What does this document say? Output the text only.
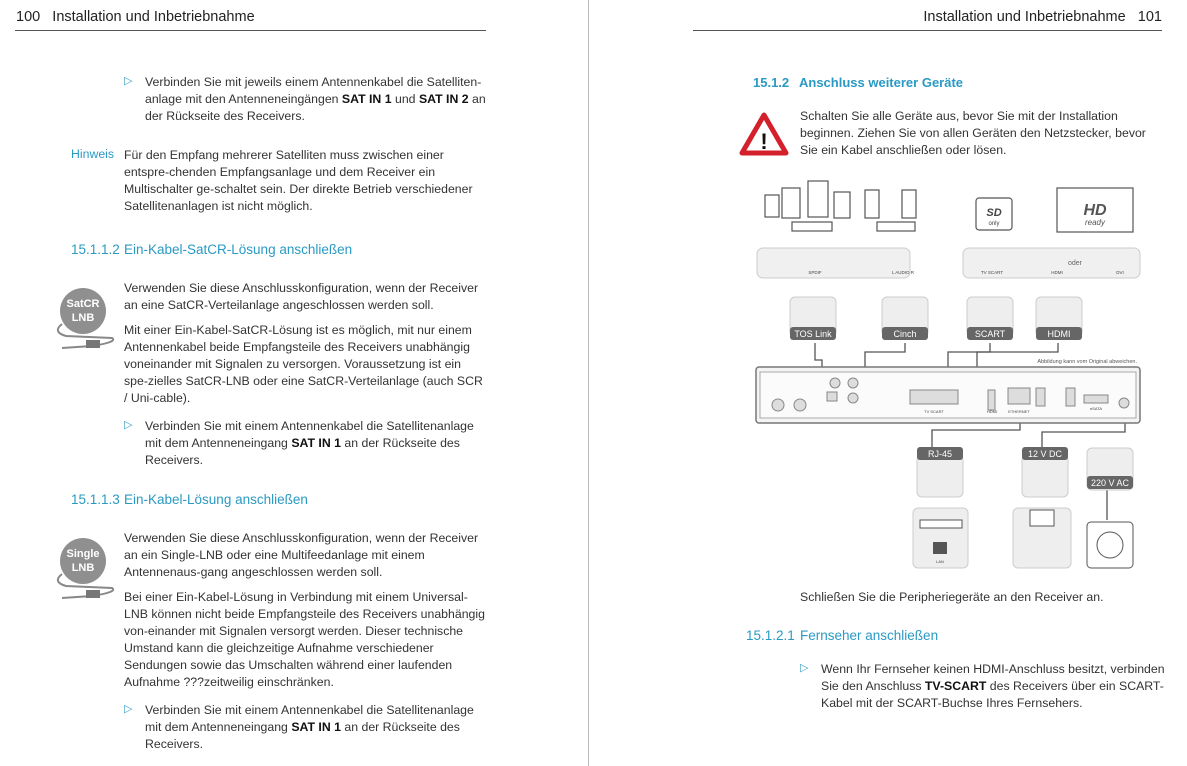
100 Installation und Inbetriebnahme
▷ Verbinden Sie mit jeweils einem Antennenkabel die Satelliten-anlage mit den Antenneneingängen SAT IN 1 und SAT IN 2 an der Rückseite des Receivers.
Hinweis Für den Empfang mehrerer Satelliten muss zwischen einer entspre-chenden Empfangsanlage und dem Receiver ein Multischalter ge-schaltet sein. Der direkte Betrieb verschiedener Satellitenanlagen ist nicht möglich.

15.1.1.2 Ein-Kabel-SatCR-Lösung anschließen
SatCR
LNB

Verwenden Sie diese Anschlusskonfiguration, wenn der Receiver an eine SatCR-Verteilanlage angeschlossen werden soll.

Mit einer Ein-Kabel-SatCR-Lösung ist es möglich, mit nur einem Antennenkabel beide Empfangsteile des Receivers unabhängig voneinander mit Signalen zu versorgen. Voraussetzung ist ein spe-zielles SatCR-LNB oder eine SatCR-Verteilanlage (auch SCR / Uni-cable).

▷ Verbinden Sie mit einem Antennenkabel die Satellitenanlage mit dem Antenneneingang SAT IN 1 an der Rückseite des Receivers.
15.1.1.3 Ein-Kabel-Lösung anschließen
Single
LNB

Verwenden Sie diese Anschlusskonfiguration, wenn der Receiver an ein Single-LNB oder eine Multifeedanlage mit einem Antennenaus-gang angeschlossen werden soll.

Bei einer Ein-Kabel-Lösung in Verbindung mit einem Universal-LNB können nicht beide Empfangsteile des Receivers unabhängig von-einander mit Signalen versorgt werden. Dieser technische Umstand kann die gleichzeitige Aufnahme verschiedener Sendungen sowie das Umschalten während einer laufenden Aufnahme ???zeitweilig einschränken.

▷ Verbinden Sie mit einem Antennenkabel die Satellitenanlage mit dem Antenneneingang SAT IN 1 an der Rückseite des Receivers.
Installation und Inbetriebnahme 101
15.1.2 Anschluss weiterer Geräte
!

Schalten Sie alle Geräte aus, bevor Sie mit der Installation beginnen. Ziehen Sie von allen Geräten den Netzstecker, bevor Sie ein Kabel anschließen oder lösen.

SD
only
HD
ready
oder
SPDIF	L AUDIO R	TV SCART	HDMI	DVI
TOS Link	Cinch	SCART	HDMI
RJ-45	12 V DC
220 V AC
Abbildung kann vom Original abweichen.
TV SCART	HDMI	ETHERNET
eSATA
LAN

Schließen Sie die Peripheriegeräte an den Receiver an.

15.1.2.1 Fernseher anschließen
▷ Wenn Ihr Fernseher keinen HDMI-Anschluss besitzt, verbinden Sie den Anschluss TV-SCART des Receivers über ein SCART-Kabel mit der SCART-Buchse Ihres Fernsehers.
